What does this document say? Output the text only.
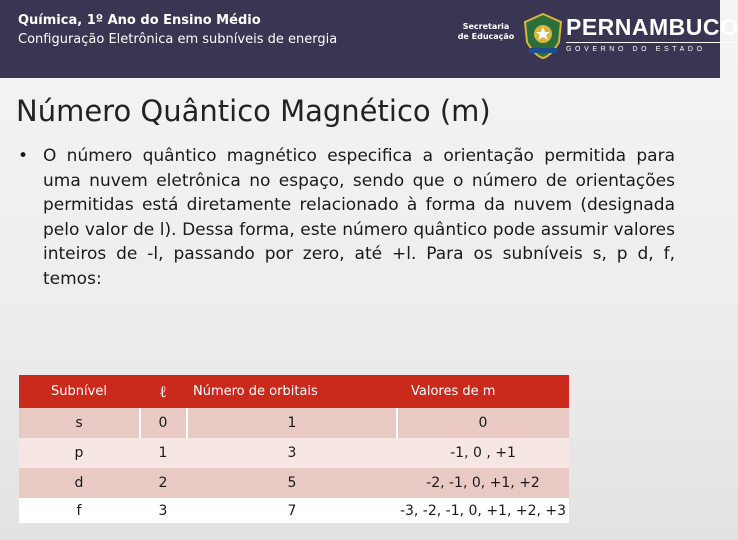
Química, 1º Ano do Ensino Médio
Configuração Eletrônica em subníveis de energia
Secretaria de Educação PERNAMBUCO
GOVERNO DO ESTADO
Número Quântico Magnético (m)
• O número quântico magnético especifica a orientação permitida para uma nuvem eletrônica no espaço, sendo que o número de orientações permitidas está diretamente relacionado à forma da nuvem (designada pelo valor de l). Dessa forma, este número quântico pode assumir valores inteiros de -l, passando por zero, até +l. Para os subníveis s, p d, f, temos:
Subnível	ℓ	Número de orbitais	Valores de m
s	0	1	0
p	1	3	-1, 0 , +1
d	2	5	-2, -1, 0, +1, +2
f	3	7	-3, -2, -1, 0, +1, +2, +3
